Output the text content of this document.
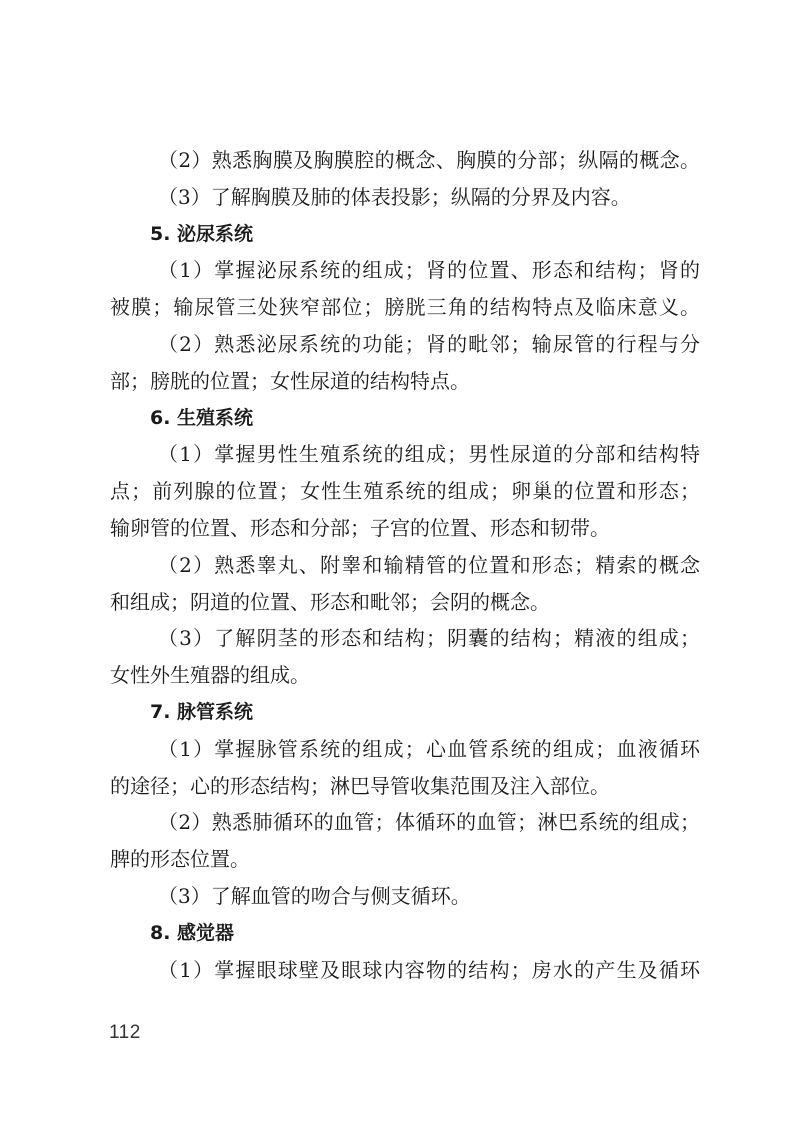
（2）熟悉胸膜及胸膜腔的概念、胸膜的分部；纵隔的概念。
（3）了解胸膜及肺的体表投影；纵隔的分界及内容。
5. 泌尿系统
（1）掌握泌尿系统的组成；肾的位置、形态和结构；肾的
被膜；输尿管三处狭窄部位；膀胱三角的结构特点及临床意义。
（2）熟悉泌尿系统的功能；肾的毗邻；输尿管的行程与分
部；膀胱的位置；女性尿道的结构特点。
6. 生殖系统
（1）掌握男性生殖系统的组成；男性尿道的分部和结构特
点；前列腺的位置；女性生殖系统的组成；卵巢的位置和形态；
输卵管的位置、形态和分部；子宫的位置、形态和韧带。
（2）熟悉睾丸、附睾和输精管的位置和形态；精索的概念
和组成；阴道的位置、形态和毗邻；会阴的概念。
（3）了解阴茎的形态和结构；阴囊的结构；精液的组成；
女性外生殖器的组成。
7. 脉管系统
（1）掌握脉管系统的组成；心血管系统的组成；血液循环
的途径；心的形态结构；淋巴导管收集范围及注入部位。
（2）熟悉肺循环的血管；体循环的血管；淋巴系统的组成；
脾的形态位置。
（3）了解血管的吻合与侧支循环。
8. 感觉器
（1）掌握眼球壁及眼球内容物的结构；房水的产生及循环
112
